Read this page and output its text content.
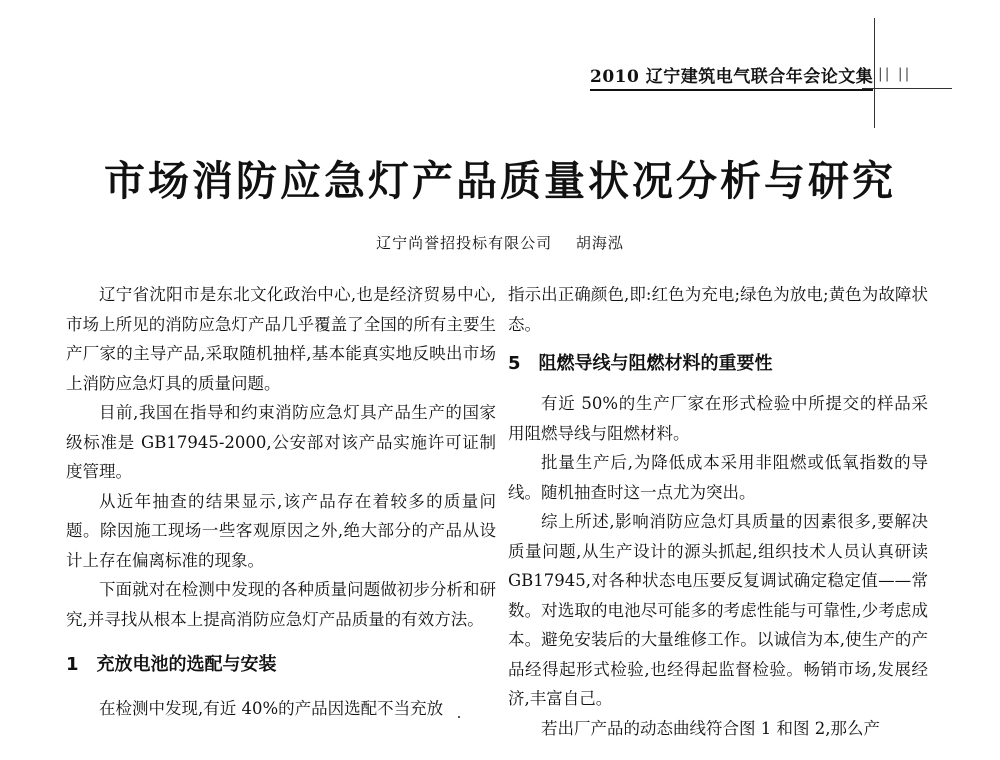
2010 辽宁建筑电气联合年会论文集 || ||
市场消防应急灯产品质量状况分析与研究
辽宁尚誉招投标有限公司 胡海泓

辽宁省沈阳市是东北文化政治中心,也是经济贸易中心,市场上所见的消防应急灯产品几乎覆盖了全国的所有主要生产厂家的主导产品,采取随机抽样,基本能真实地反映出市场上消防应急灯具的质量问题。

目前,我国在指导和约束消防应急灯具产品生产的国家级标准是 GB17945-2000,公安部对该产品实施许可证制度管理。

从近年抽查的结果显示,该产品存在着较多的质量问题。除因施工现场一些客观原因之外,绝大部分的产品从设计上存在偏离标准的现象。

下面就对在检测中发现的各种质量问题做初步分析和研究,并寻找从根本上提高消防应急灯产品质量的有效方法。

1 充放电池的选配与安装

在检测中发现,有近 40%的产品因选配不当充放

指示出正确颜色,即:红色为充电;绿色为放电;黄色为故障状态。

5 阻燃导线与阻燃材料的重要性

有近 50%的生产厂家在形式检验中所提交的样品采用阻燃导线与阻燃材料。

批量生产后,为降低成本采用非阻燃或低氧指数的导线。随机抽查时这一点尤为突出。

综上所述,影响消防应急灯具质量的因素很多,要解决质量问题,从生产设计的源头抓起,组织技术人员认真研读 GB17945,对各种状态电压要反复调试确定稳定值——常数。对选取的电池尽可能多的考虑性能与可靠性,少考虑成本。避免安装后的大量维修工作。以诚信为本,使生产的产品经得起形式检验,也经得起监督检验。畅销市场,发展经济,丰富自己。

若出厂产品的动态曲线符合图 1 和图 2,那么产
